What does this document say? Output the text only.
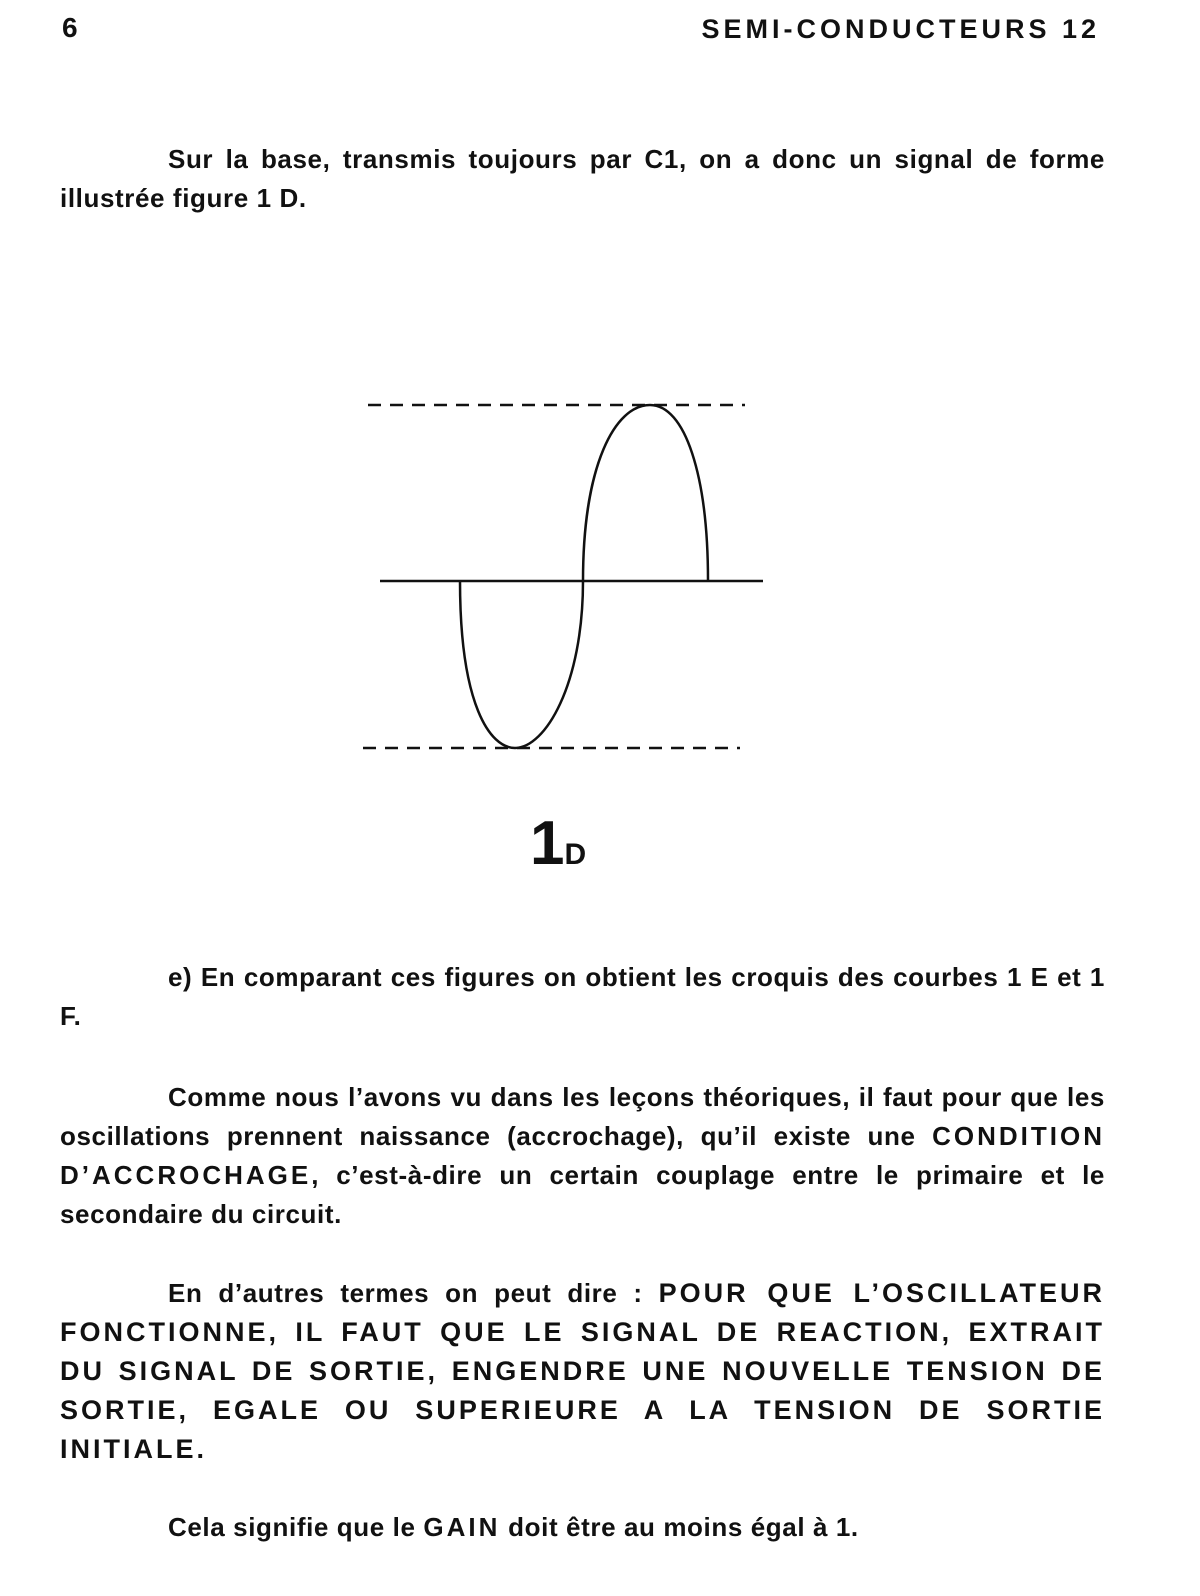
6	SEMI-CONDUCTEURS 12

Sur la base, transmis toujours par C1, on a donc un signal de forme illustrée figure 1 D.

1D

e) En comparant ces figures on obtient les croquis des courbes 1 E et 1 F.

Comme nous l’avons vu dans les leçons théoriques, il faut pour que les oscillations prennent naissance (accrochage), qu’il existe une CONDITION D’ACCROCHAGE, c’est-à-dire un certain couplage entre le primaire et le secondaire du circuit.

En d’autres termes on peut dire : POUR QUE L’OSCILLATEUR FONCTIONNE, IL FAUT QUE LE SIGNAL DE REACTION, EXTRAIT DU SIGNAL DE SORTIE, ENGENDRE UNE NOUVELLE TENSION DE SORTIE, EGALE OU SUPERIEURE A LA TENSION DE SORTIE INITIALE.

Cela signifie que le GAIN doit être au moins égal à 1.
